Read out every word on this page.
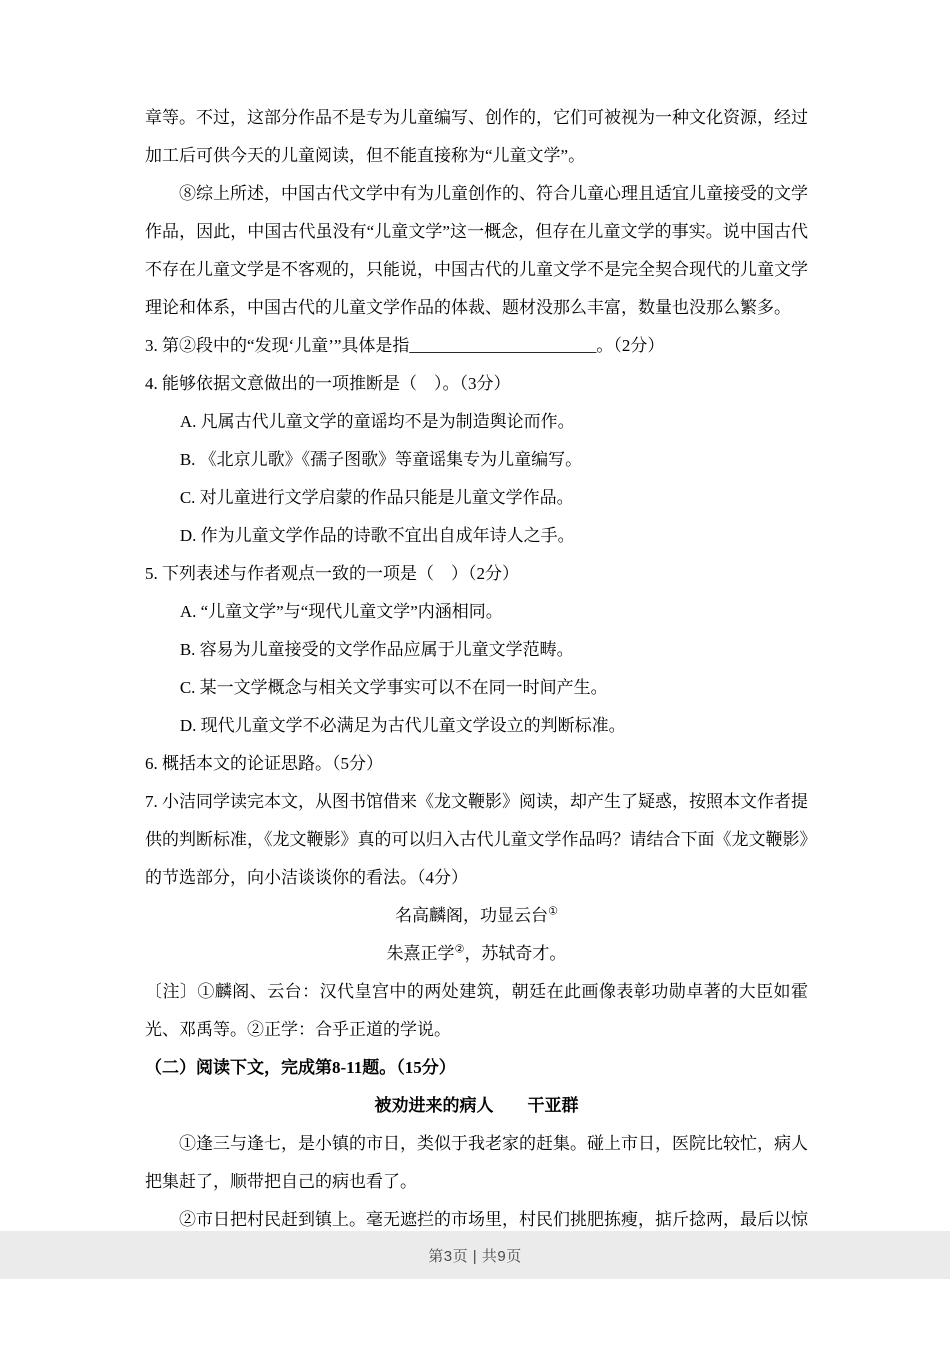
章等。不过，这部分作品不是专为儿童编写、创作的，它们可被视为一种文化资源，经过加工后可供今天的儿童阅读，但不能直接称为“儿童文学”。
⑧综上所述，中国古代文学中有为儿童创作的、符合儿童心理且适宜儿童接受的文学作品，因此，中国古代虽没有“儿童文学”这一概念，但存在儿童文学的事实。说中国古代不存在儿童文学是不客观的，只能说，中国古代的儿童文学不是完全契合现代的儿童文学理论和体系，中国古代的儿童文学作品的体裁、题材没那么丰富，数量也没那么繁多。
3. 第②段中的“发现‘儿童’”具体是指______________________。（2分）
4. 能够依据文意做出的一项推断是（　）。（3分）
A. 凡属古代儿童文学的童谣均不是为制造舆论而作。
B. 《北京儿歌》《孺子图歌》等童谣集专为儿童编写。
C. 对儿童进行文学启蒙的作品只能是儿童文学作品。
D. 作为儿童文学作品的诗歌不宜出自成年诗人之手。
5. 下列表述与作者观点一致的一项是（　）（2分）
A. “儿童文学”与“现代儿童文学”内涵相同。
B. 容易为儿童接受的文学作品应属于儿童文学范畴。
C. 某一文学概念与相关文学事实可以不在同一时间产生。
D. 现代儿童文学不必满足为古代儿童文学设立的判断标准。
6. 概括本文的论证思路。（5分）
7. 小洁同学读完本文，从图书馆借来《龙文鞭影》阅读，却产生了疑惑，按照本文作者提供的判断标准，《龙文鞭影》真的可以归入古代儿童文学作品吗？请结合下面《龙文鞭影》的节选部分，向小洁谈谈你的看法。（4分）
名高麟阁，功显云台①
朱熹正学②，苏轼奇才。
〔注〕①麟阁、云台：汉代皇宫中的两处建筑，朝廷在此画像表彰功勋卓著的大臣如霍光、邓禹等。②正学：合乎正道的学说。
（二）阅读下文，完成第8-11题。（15分）
被劝进来的病人　　干亚群
①逢三与逢七，是小镇的市日，类似于我老家的赶集。碰上市日，医院比较忙，病人把集赶了，顺带把自己的病也看了。
②市日把村民赶到镇上。毫无遮拦的市场里，村民们挑肥拣瘦，掂斤捻两，最后以惊
第3页 | 共9页
